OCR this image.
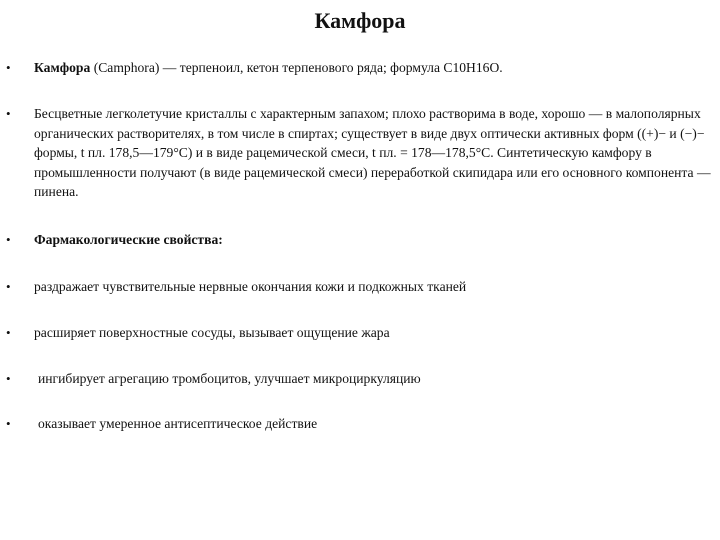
Камфора
• Камфора (Camphora) — терпеноил, кетон терпенового ряда; формула С10Н16О.
• Бесцветные легколетучие кристаллы с характерным запахом; плохо растворима в воде, хорошо — в малополярных органических растворителях, в том числе в спиртах; существует в виде двух оптически активных форм ((+)− и (−)− формы, t пл. 178,5—179°С) и в виде рацемической смеси, t пл. = 178—178,5°С. Синтетическую камфору в промышленности получают (в виде рацемической смеси) переработкой скипидара или его основного компонента — пинена.
• Фармакологические свойства:
• раздражает чувствительные нервные окончания кожи и подкожных тканей
• расширяет поверхностные сосуды, вызывает ощущение жара
• ингибирует агрегацию тромбоцитов, улучшает микроциркуляцию
• оказывает умеренное антисептическое действие
